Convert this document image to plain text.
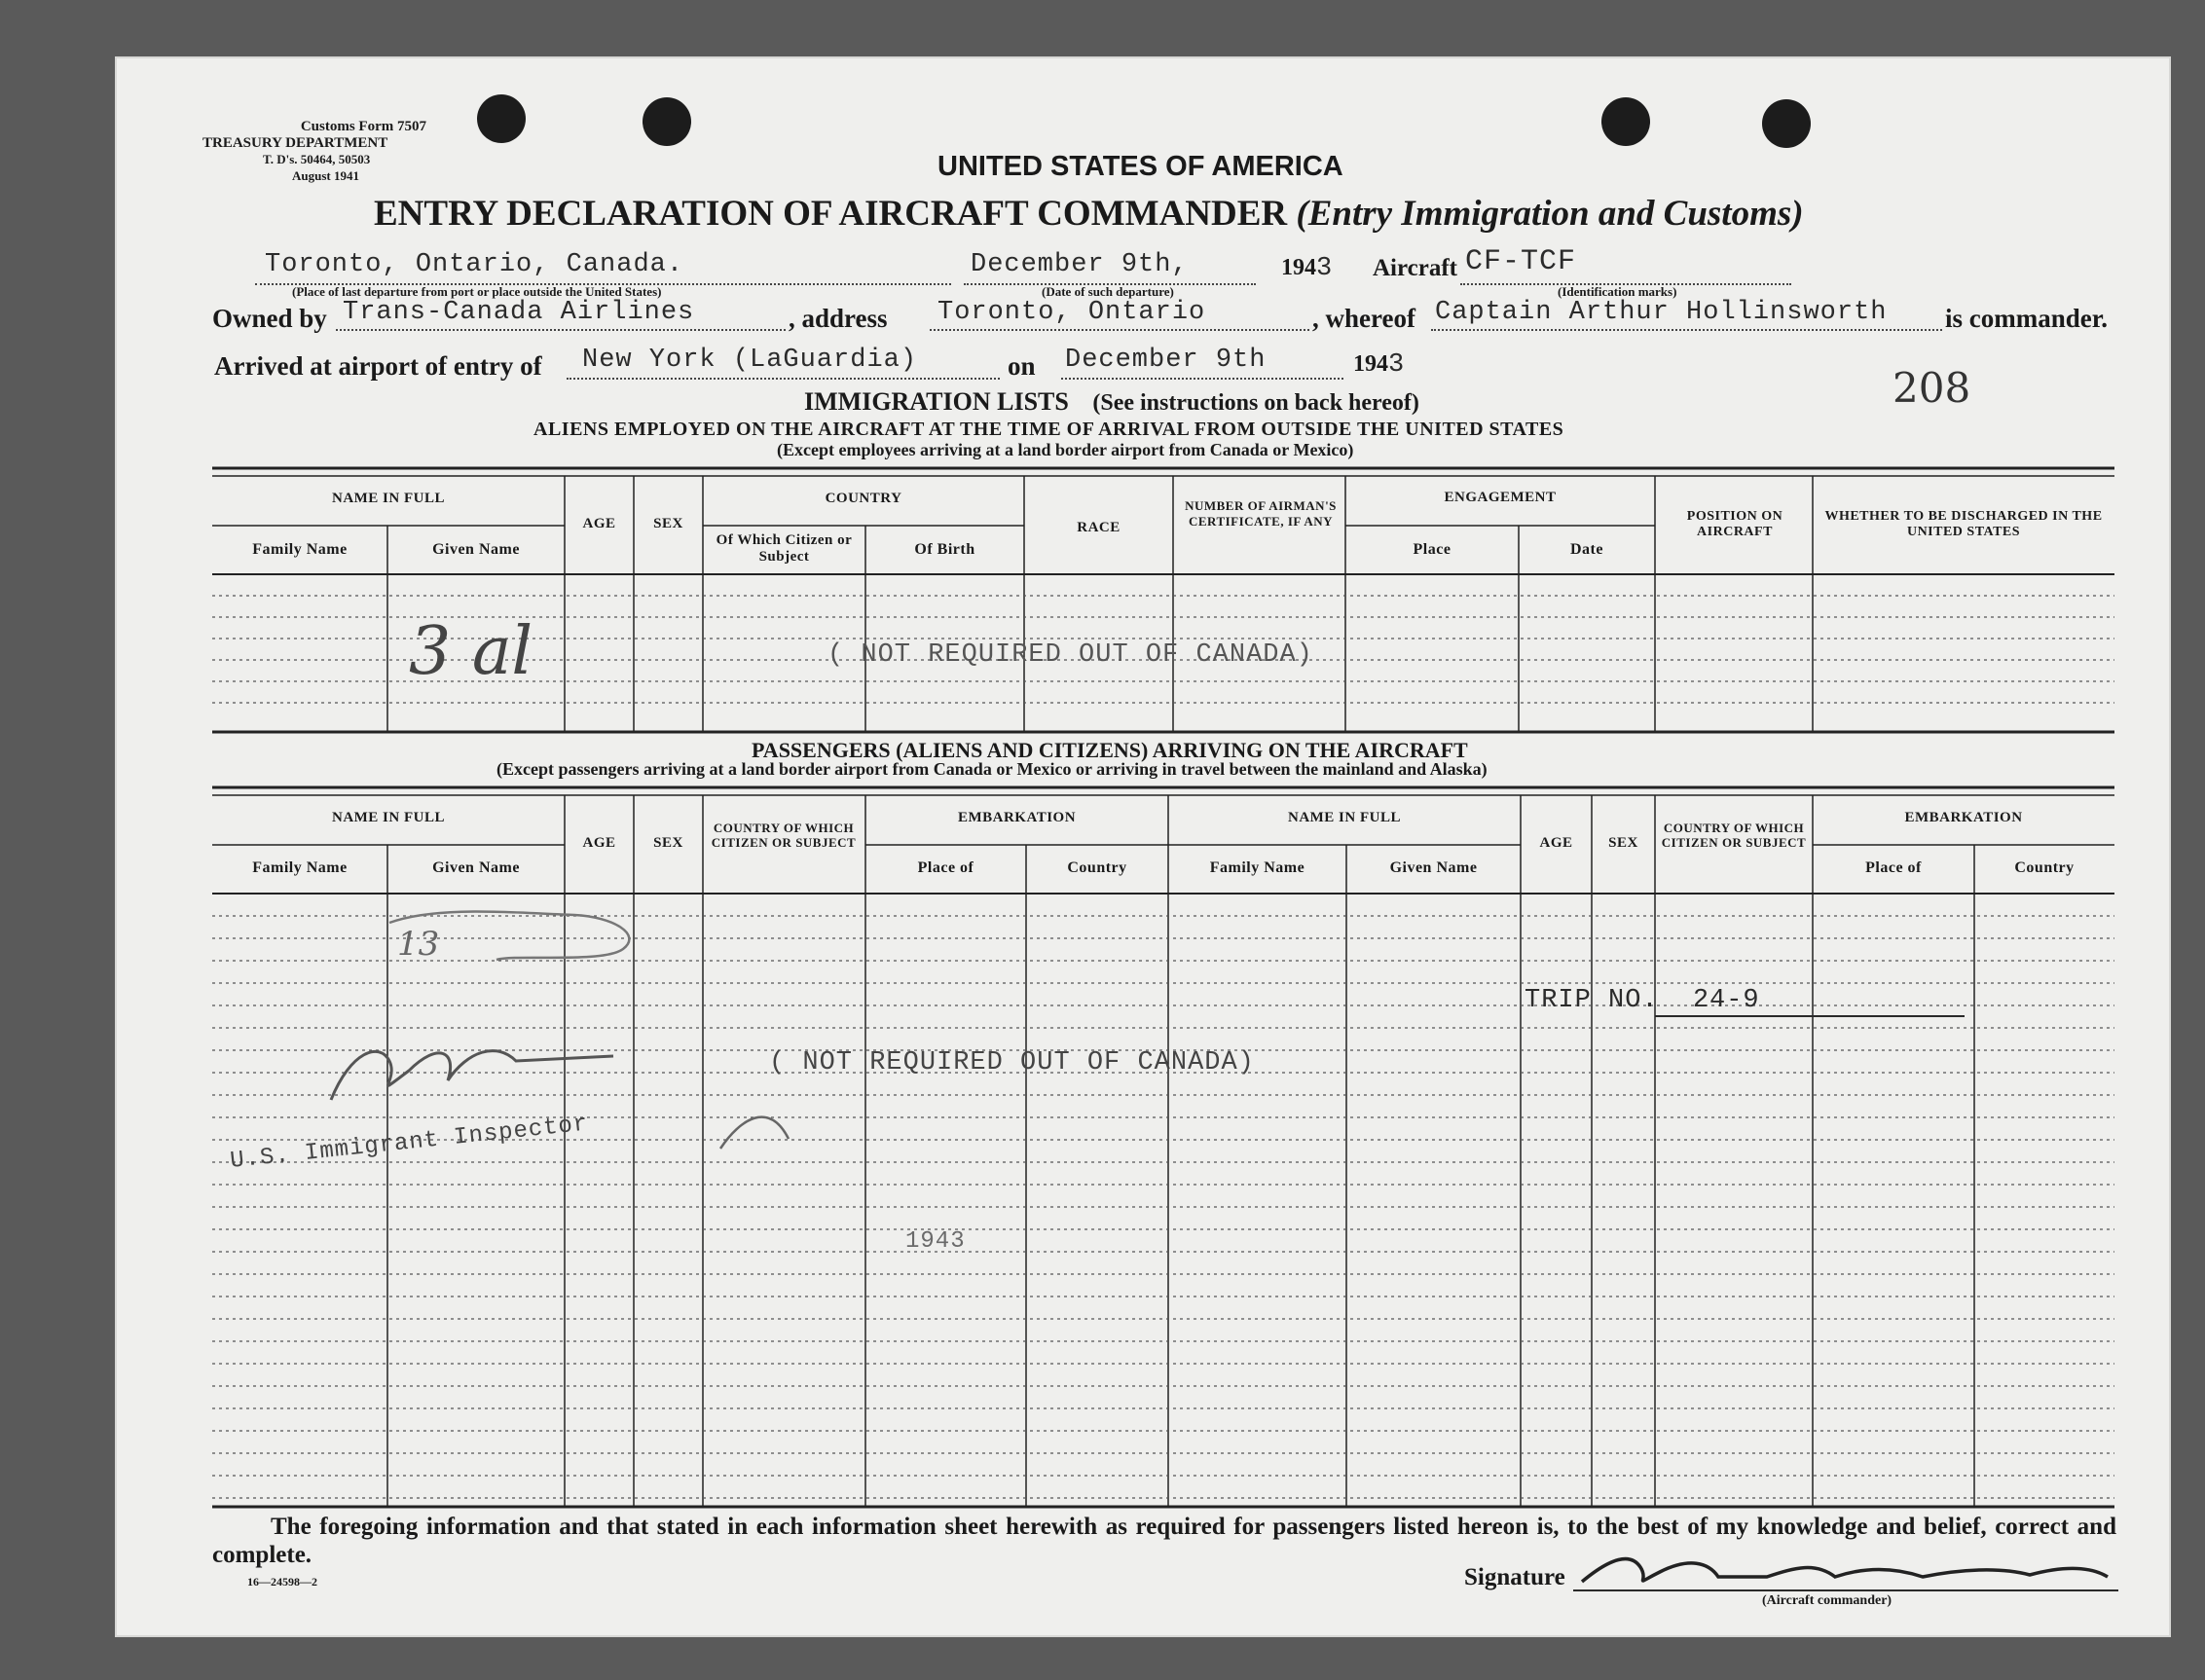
Customs Form 7507
TREASURY DEPARTMENT
T. D's. 50464, 50503
August 1941	UNITED STATES OF AMERICA
ENTRY DECLARATION OF AIRCRAFT COMMANDER (Entry Immigration and Customs)
Toronto, Ontario, Canada.
(Place of last departure from port or place outside the United States)
December 9th,
(Date of such departure)
1943 Aircraft CF-TCF
(Identification marks)
Owned by Trans-Canada Airlines	, address Toronto, Ontario	, whereof Captain Arthur Hollinsworth is commander.
Arrived at airport of entry of New York (LaGuardia)	on December 9th	1943	208
IMMIGRATION LISTS (See instructions on back hereof)
ALIENS EMPLOYED ON THE AIRCRAFT AT THE TIME OF ARRIVAL FROM OUTSIDE THE UNITED STATES
(Except employees arriving at a land border airport from Canada or Mexico)
NAME IN FULL
Family Name	Given Name
AGE	SEX
COUNTRY
Of Which Citizen or Subject	Of Birth
RACE
NUMBER OF AIRMAN'S CERTIFICATE, IF ANY
ENGAGEMENT
Place	Date
POSITION ON AIRCRAFT
WHETHER TO BE DISCHARGED IN THE UNITED STATES
( NOT REQUIRED OUT OF CANADA)
3 al
PASSENGERS (ALIENS AND CITIZENS) ARRIVING ON THE AIRCRAFT
(Except passengers arriving at a land border airport from Canada or Mexico or arriving in travel between the mainland and Alaska)
NAME IN FULL
Family Name	Given Name
AGE	SEX
COUNTRY OF WHICH CITIZEN OR SUBJECT
EMBARKATION
Place of	Country
NAME IN FULL
Family Name	Given Name
AGE	SEX
COUNTRY OF WHICH CITIZEN OR SUBJECT
EMBARKATION
Place of	Country
TRIP NO. 24-9
( NOT REQUIRED OUT OF CANADA)
U.S. Immigrant Inspector
1943
13
The foregoing information and that stated in each information sheet herewith as required for passengers listed hereon is, to the best of my knowledge and belief, correct and complete.
16—24598—2	Signature
(Aircraft commander)
